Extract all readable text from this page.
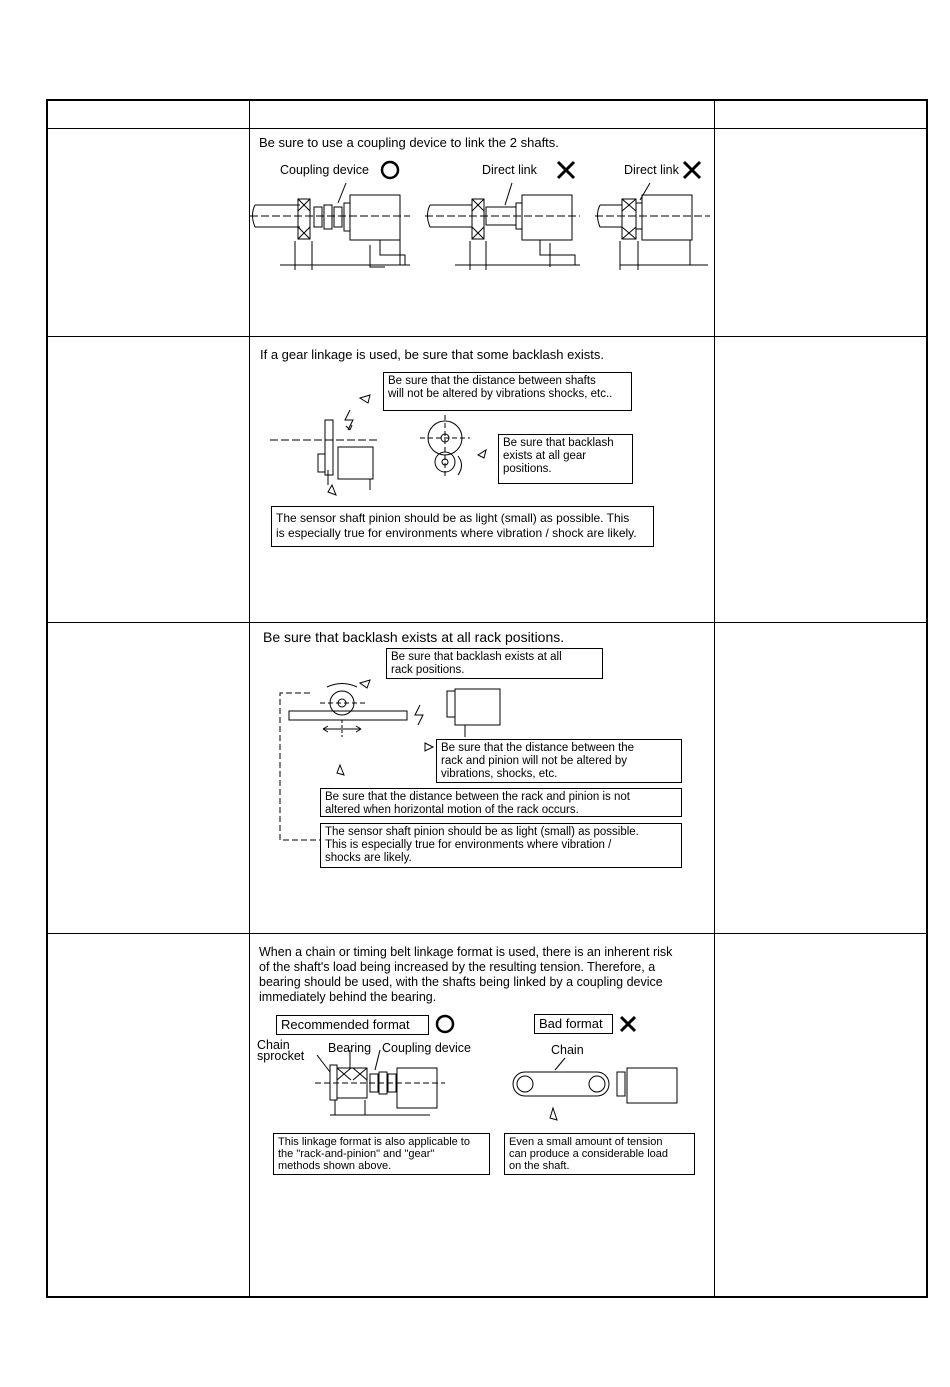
Be sure to use a coupling device to link the 2 shafts.
Coupling device	Direct link	Direct link
If a gear linkage is used, be sure that some backlash exists.
Be sure that the distance between shafts
will not be altered by vibrations shocks, etc..
Be sure that backlash
exists at all gear
positions.
The sensor shaft pinion should be as light (small) as possible. This
is especially true for environments where vibration / shock are likely.
Be sure that backlash exists at all rack positions.
Be sure that backlash exists at all
rack positions.
Be sure that the distance between the
rack and pinion will not be altered by
vibrations, shocks, etc.
Be sure that the distance between the rack and pinion is not
altered when horizontal motion of the rack occurs.
The sensor shaft pinion should be as light (small) as possible.
This is especially true for environments where vibration /
shocks are likely.
When a chain or timing belt linkage format is used, there is an inherent risk
of the shaft's load being increased by the resulting tension. Therefore, a
bearing should be used, with the shafts being linked by a coupling device
immediately behind the bearing.
Recommended format	Bad format
Chain
sprocket
Bearing Coupling device	Chain
This linkage format is also applicable to
the "rack-and-pinion" and "gear"
methods shown above.
Even a small amount of tension
can produce a considerable load
on the shaft.
